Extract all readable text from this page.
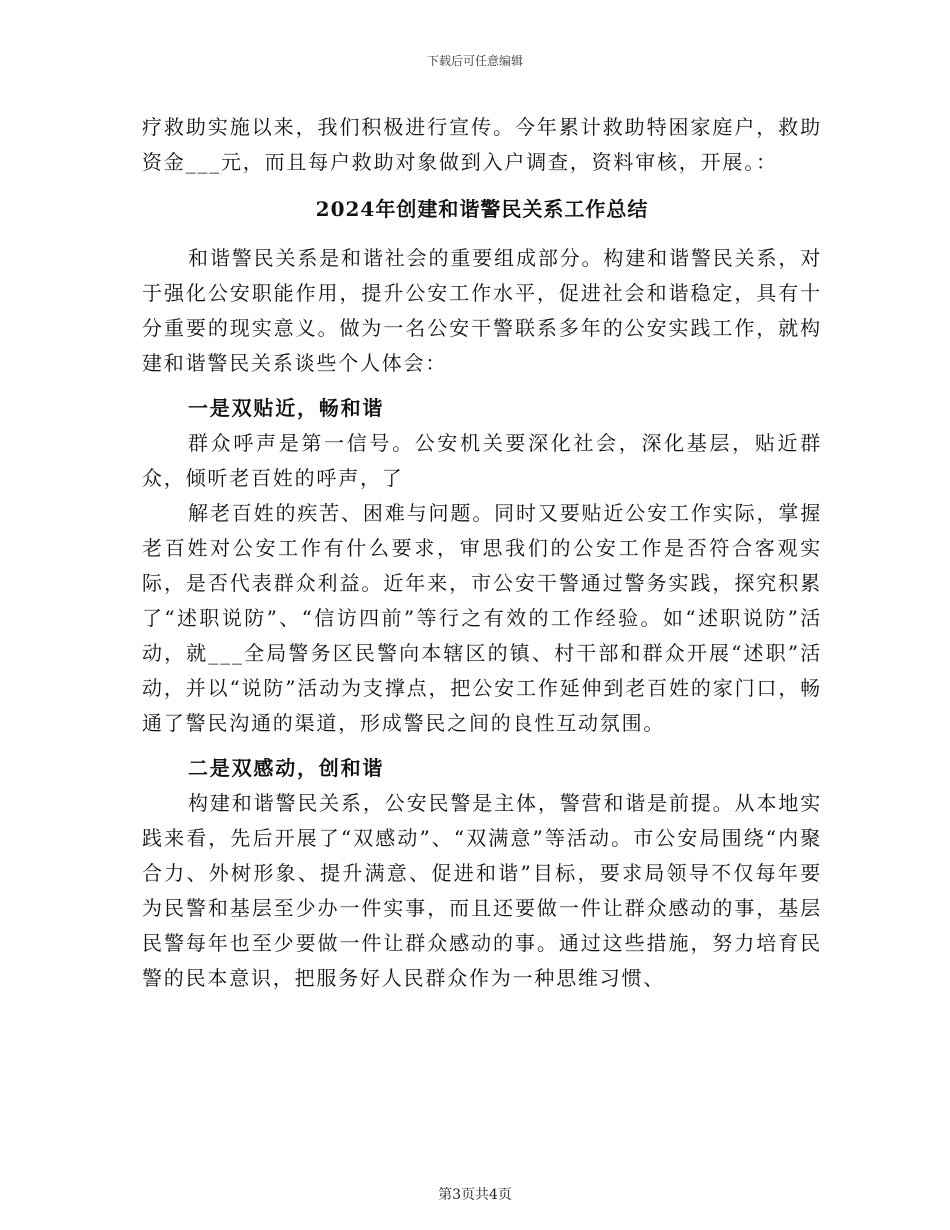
下载后可任意编辑

疗救助实施以来，我们积极进行宣传。今年累计救助特困家庭户，救助资金___元，而且每户救助对象做到入户调查，资料审核，开展。：

2024年创建和谐警民关系工作总结

和谐警民关系是和谐社会的重要组成部分。构建和谐警民关系，对于强化公安职能作用，提升公安工作水平，促进社会和谐稳定，具有十分重要的现实意义。做为一名公安干警联系多年的公安实践工作，就构建和谐警民关系谈些个人体会：

一是双贴近，畅和谐

群众呼声是第一信号。公安机关要深化社会，深化基层，贴近群众，倾听老百姓的呼声，了

解老百姓的疾苦、困难与问题。同时又要贴近公安工作实际，掌握老百姓对公安工作有什么要求，审思我们的公安工作是否符合客观实际，是否代表群众利益。近年来，市公安干警通过警务实践，探究积累了“述职说防”、“信访四前”等行之有效的工作经验。如“述职说防”活动，就___全局警务区民警向本辖区的镇、村干部和群众开展“述职”活动，并以“说防”活动为支撑点，把公安工作延伸到老百姓的家门口，畅通了警民沟通的渠道，形成警民之间的良性互动氛围。

二是双感动，创和谐

构建和谐警民关系，公安民警是主体，警营和谐是前提。从本地实践来看，先后开展了“双感动”、“双满意”等活动。市公安局围绕“内聚合力、外树形象、提升满意、促进和谐”目标，要求局领导不仅每年要为民警和基层至少办一件实事，而且还要做一件让群众感动的事，基层民警每年也至少要做一件让群众感动的事。通过这些措施，努力培育民警的民本意识，把服务好人民群众作为一种思维习惯、

第3页共4页
